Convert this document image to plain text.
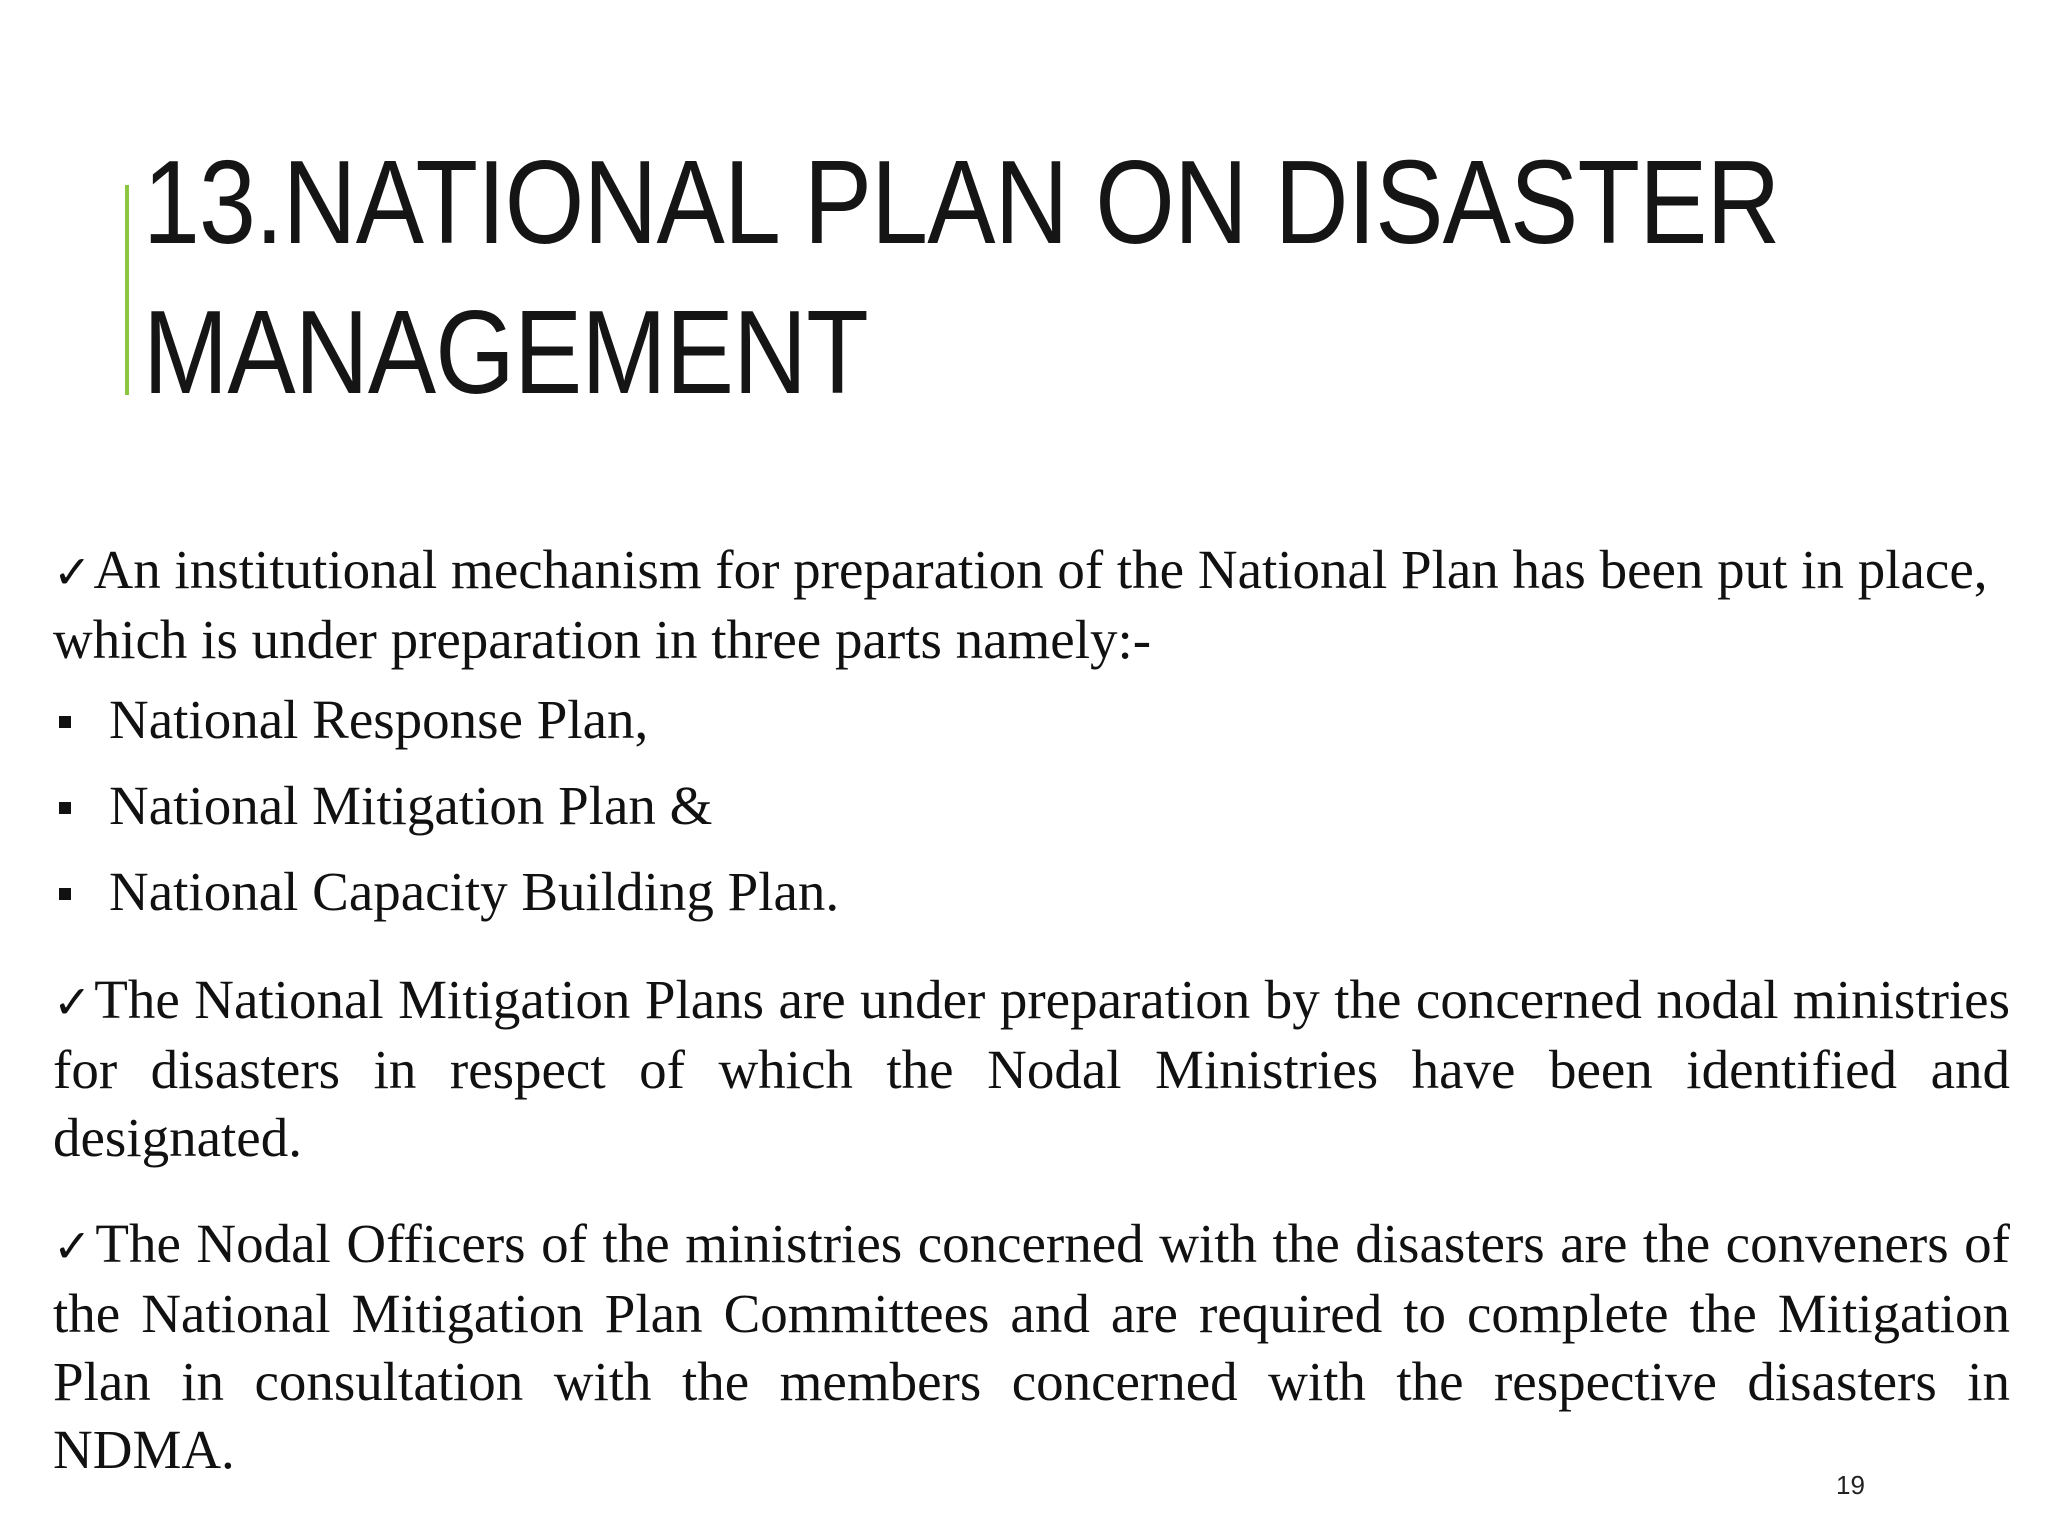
13.NATIONAL PLAN ON DISASTER
MANAGEMENT

✓An institutional mechanism for preparation of the National Plan has been put in place, which is under preparation in three parts namely:-

National Response Plan,
National Mitigation Plan &
National Capacity Building Plan.

✓The National Mitigation Plans are under preparation by the concerned nodal ministries for disasters in respect of which the Nodal Ministries have been identified and designated.

✓The Nodal Officers of the ministries concerned with the disasters are the conveners of the National Mitigation Plan Committees and are required to complete the Mitigation Plan in consultation with the members concerned with the respective disasters in NDMA.

19
